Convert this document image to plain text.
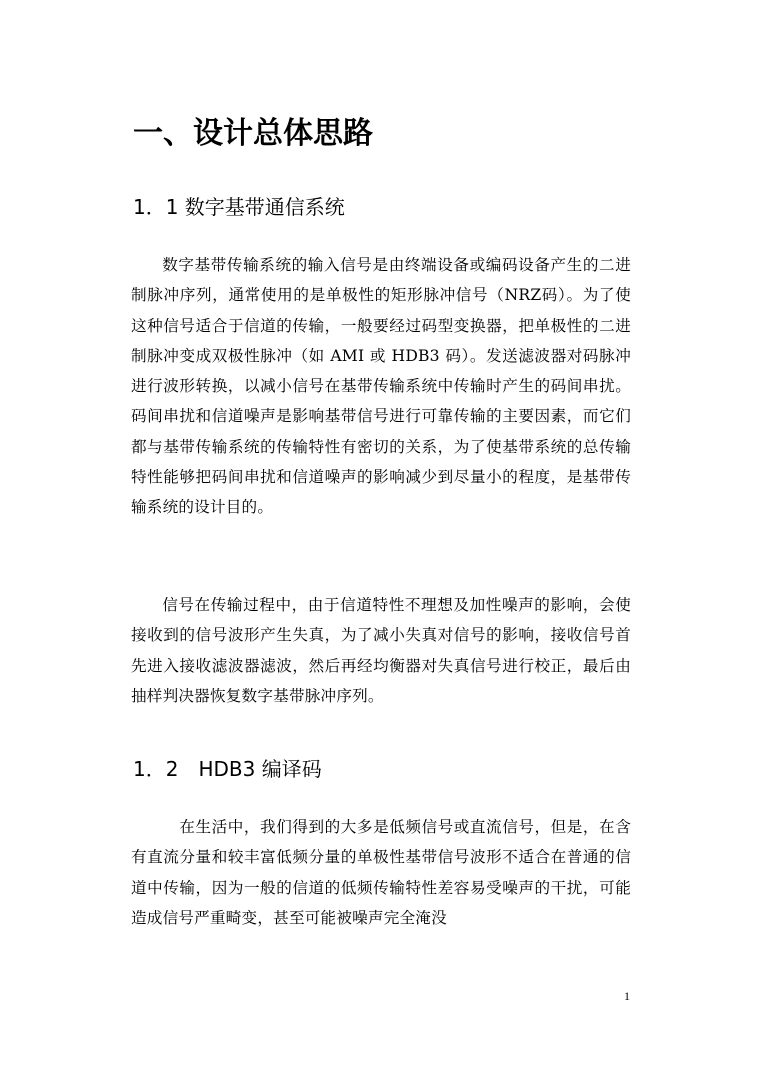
一、设计总体思路
1．1 数字基带通信系统

数字基带传输系统的输入信号是由终端设备或编码设备产生的二进制脉冲序列，通常使用的是单极性的矩形脉冲信号（NRZ码）。为了使这种信号适合于信道的传输，一般要经过码型变换器，把单极性的二进制脉冲变成双极性脉冲（如 AMI 或 HDB3 码）。发送滤波器对码脉冲进行波形转换，以减小信号在基带传输系统中传输时产生的码间串扰。码间串扰和信道噪声是影响基带信号进行可靠传输的主要因素，而它们都与基带传输系统的传输特性有密切的关系，为了使基带系统的总传输特性能够把码间串扰和信道噪声的影响减少到尽量小的程度，是基带传输系统的设计目的。

信号在传输过程中，由于信道特性不理想及加性噪声的影响，会使接收到的信号波形产生失真，为了减小失真对信号的影响，接收信号首先进入接收滤波器滤波，然后再经均衡器对失真信号进行校正，最后由抽样判决器恢复数字基带脉冲序列。

1．2　HDB3 编译码

在生活中，我们得到的大多是低频信号或直流信号，但是，在含有直流分量和较丰富低频分量的单极性基带信号波形不适合在普通的信道中传输，因为一般的信道的低频传输特性差容易受噪声的干扰，可能造成信号严重畸变，甚至可能被噪声完全淹没

1
